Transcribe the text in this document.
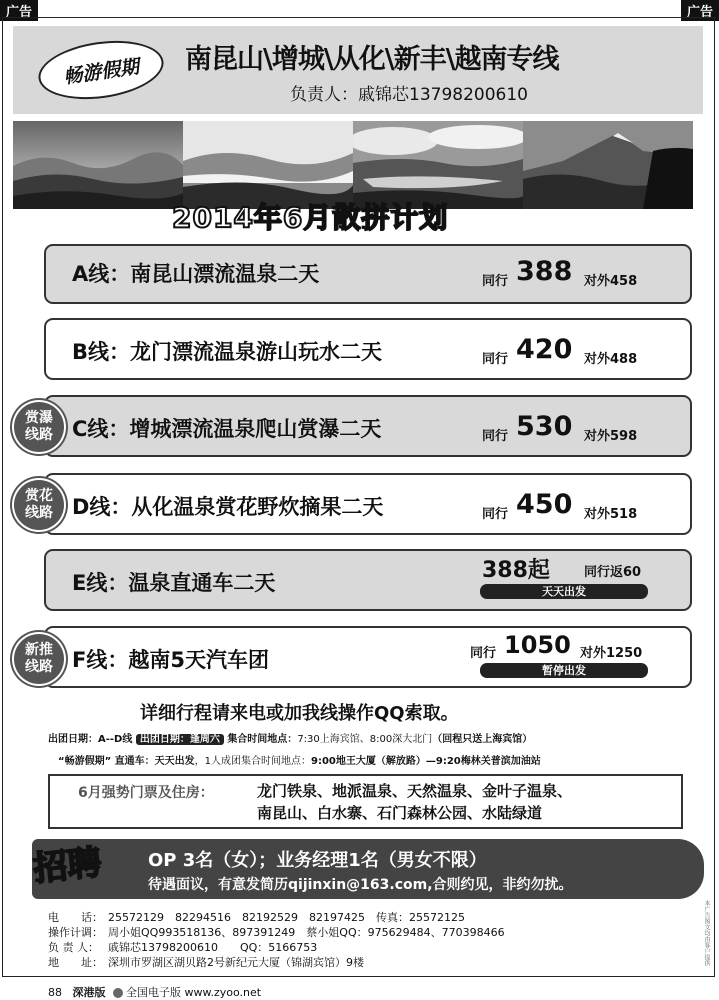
广告	广告
畅游假期 南昆山\增城\从化\新丰\越南专线
负责人：戚锦芯13798200610
2014年6月散拼计划
A线：南昆山漂流温泉二天	同行 388 对外458
B线：龙门漂流温泉游山玩水二天	同行 420 对外488
C线：增城漂流温泉爬山赏瀑二天	同行 530 对外598
赏瀑
线路
D线：从化温泉赏花野炊摘果二天	同行 450 对外518
赏花
线路
E线：温泉直通车二天	388起	同行返60
天天出发
F线：越南5天汽车团	同行 1050 对外1250
暂停出发
新推
线路
详细行程请来电或加我线操作QQ索取。
出团日期：A--D线 出团日期：逢周六 集合时间地点：7:30上海宾馆、8:00深大北门（回程只送上海宾馆）
“畅游假期” 直通车：天天出发，1人成团集合时间地点：9:00地王大厦（解放路）—9:20梅林关普滨加油站
6月强势门票及住房：	龙门铁泉、地派温泉、天然温泉、金叶子温泉、
南昆山、白水寨、石门森林公园、水陆绿道
招聘 OP 3名（女）；业务经理1名（男女不限）
待遇面议，有意发简历qijinxin@163.com,合则约见，非约勿扰。
电　　话： 25572129　82294516　82192529　82197425　传真：25572125
操作计调： 周小姐QQ993518136、897391249　蔡小姐QQ：975629484、770398466
负 责 人： 戚锦芯13798200610　　QQ：5166753
地　　址： 深圳市罗湖区湖贝路2号新纪元大厦（锦湖宾馆）9楼	本广告图文均由客户提供
88 深港版 全国电子版 www.zyoo.net
